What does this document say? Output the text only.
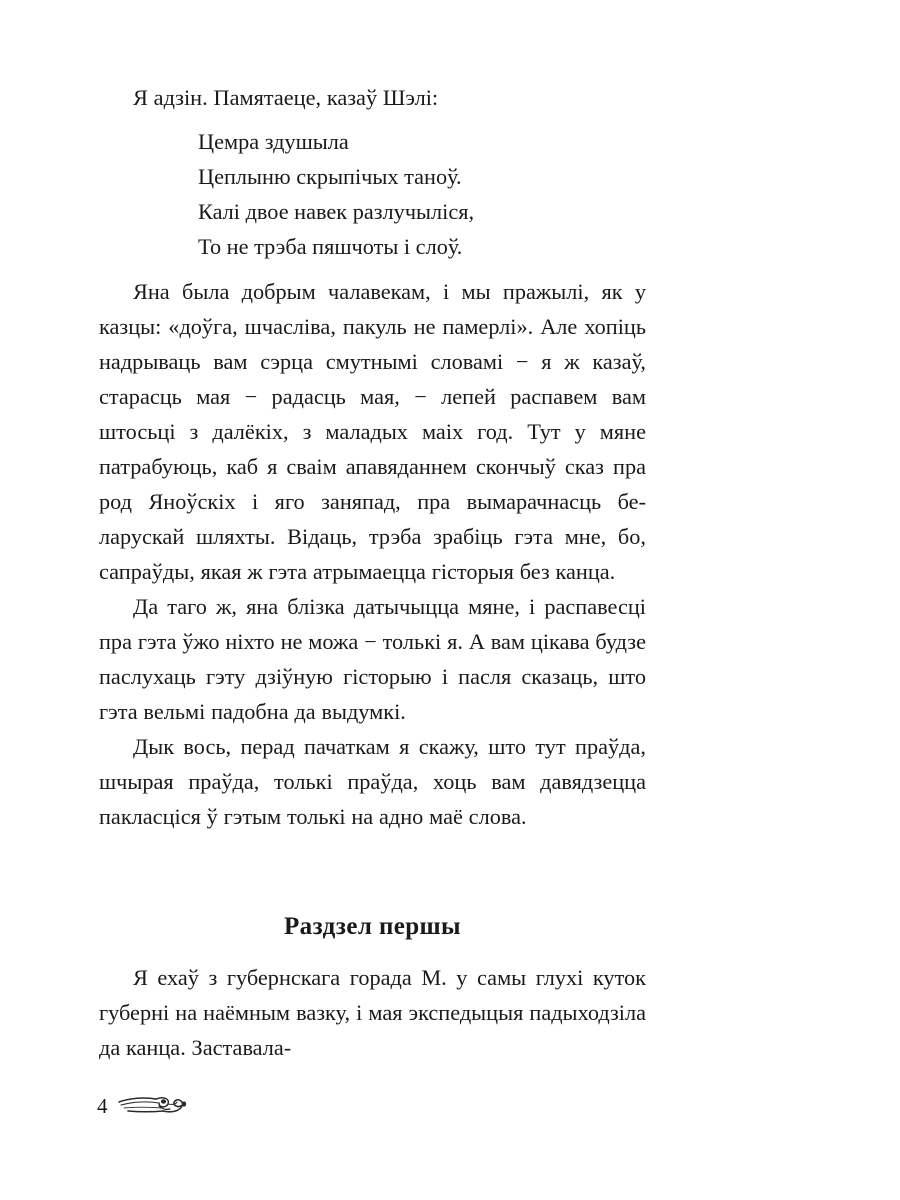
Я адзін. Памятаеце, казаў Шэлі:

Цемра здушыла
Цеплыню скрыпічых таноў.
Калі двое навек разлучыліся,
То не трэба пяшчоты і слоў.

Яна была добрым чалавекам, і мы пражылі, як у казцы: «доўга, шчасліва, пакуль не памерлі». Але хопіць надрываць вам сэрца смутнымі словамі − я ж казаў, старасць мая − радасць мая, − лепей распавем вам штосьці з далёкіх, з маладых маіх год. Тут у мяне патрабуюць, каб я сваім апавяданнем скончыў сказ пра род Яноўскіх і яго заняпад, пра вымарачнасць беларускай шляхты. Відаць, трэба зрабіць гэта мне, бо, сапраўды, якая ж гэта атрымаецца гісторыя без канца.

Да таго ж, яна блізка датычыцца мяне, і распавесці пра гэта ўжо ніхто не можа − толькі я. А вам цікава будзе паслухаць гэту дзіўную гісторыю і пасля сказаць, што гэта вельмі падобна да выдумкі.

Дык вось, перад пачаткам я скажу, што тут праўда, шчырая праўда, толькі праўда, хоць вам давядзецца пакласціся ў гэтым толькі на адно маё слова.

Раздзел першы

Я ехаў з губернскага горада М. у самы глухі куток губерні на наёмным вазку, і мая экспедыцыя падыходзіла да канца. Заставала-

4
